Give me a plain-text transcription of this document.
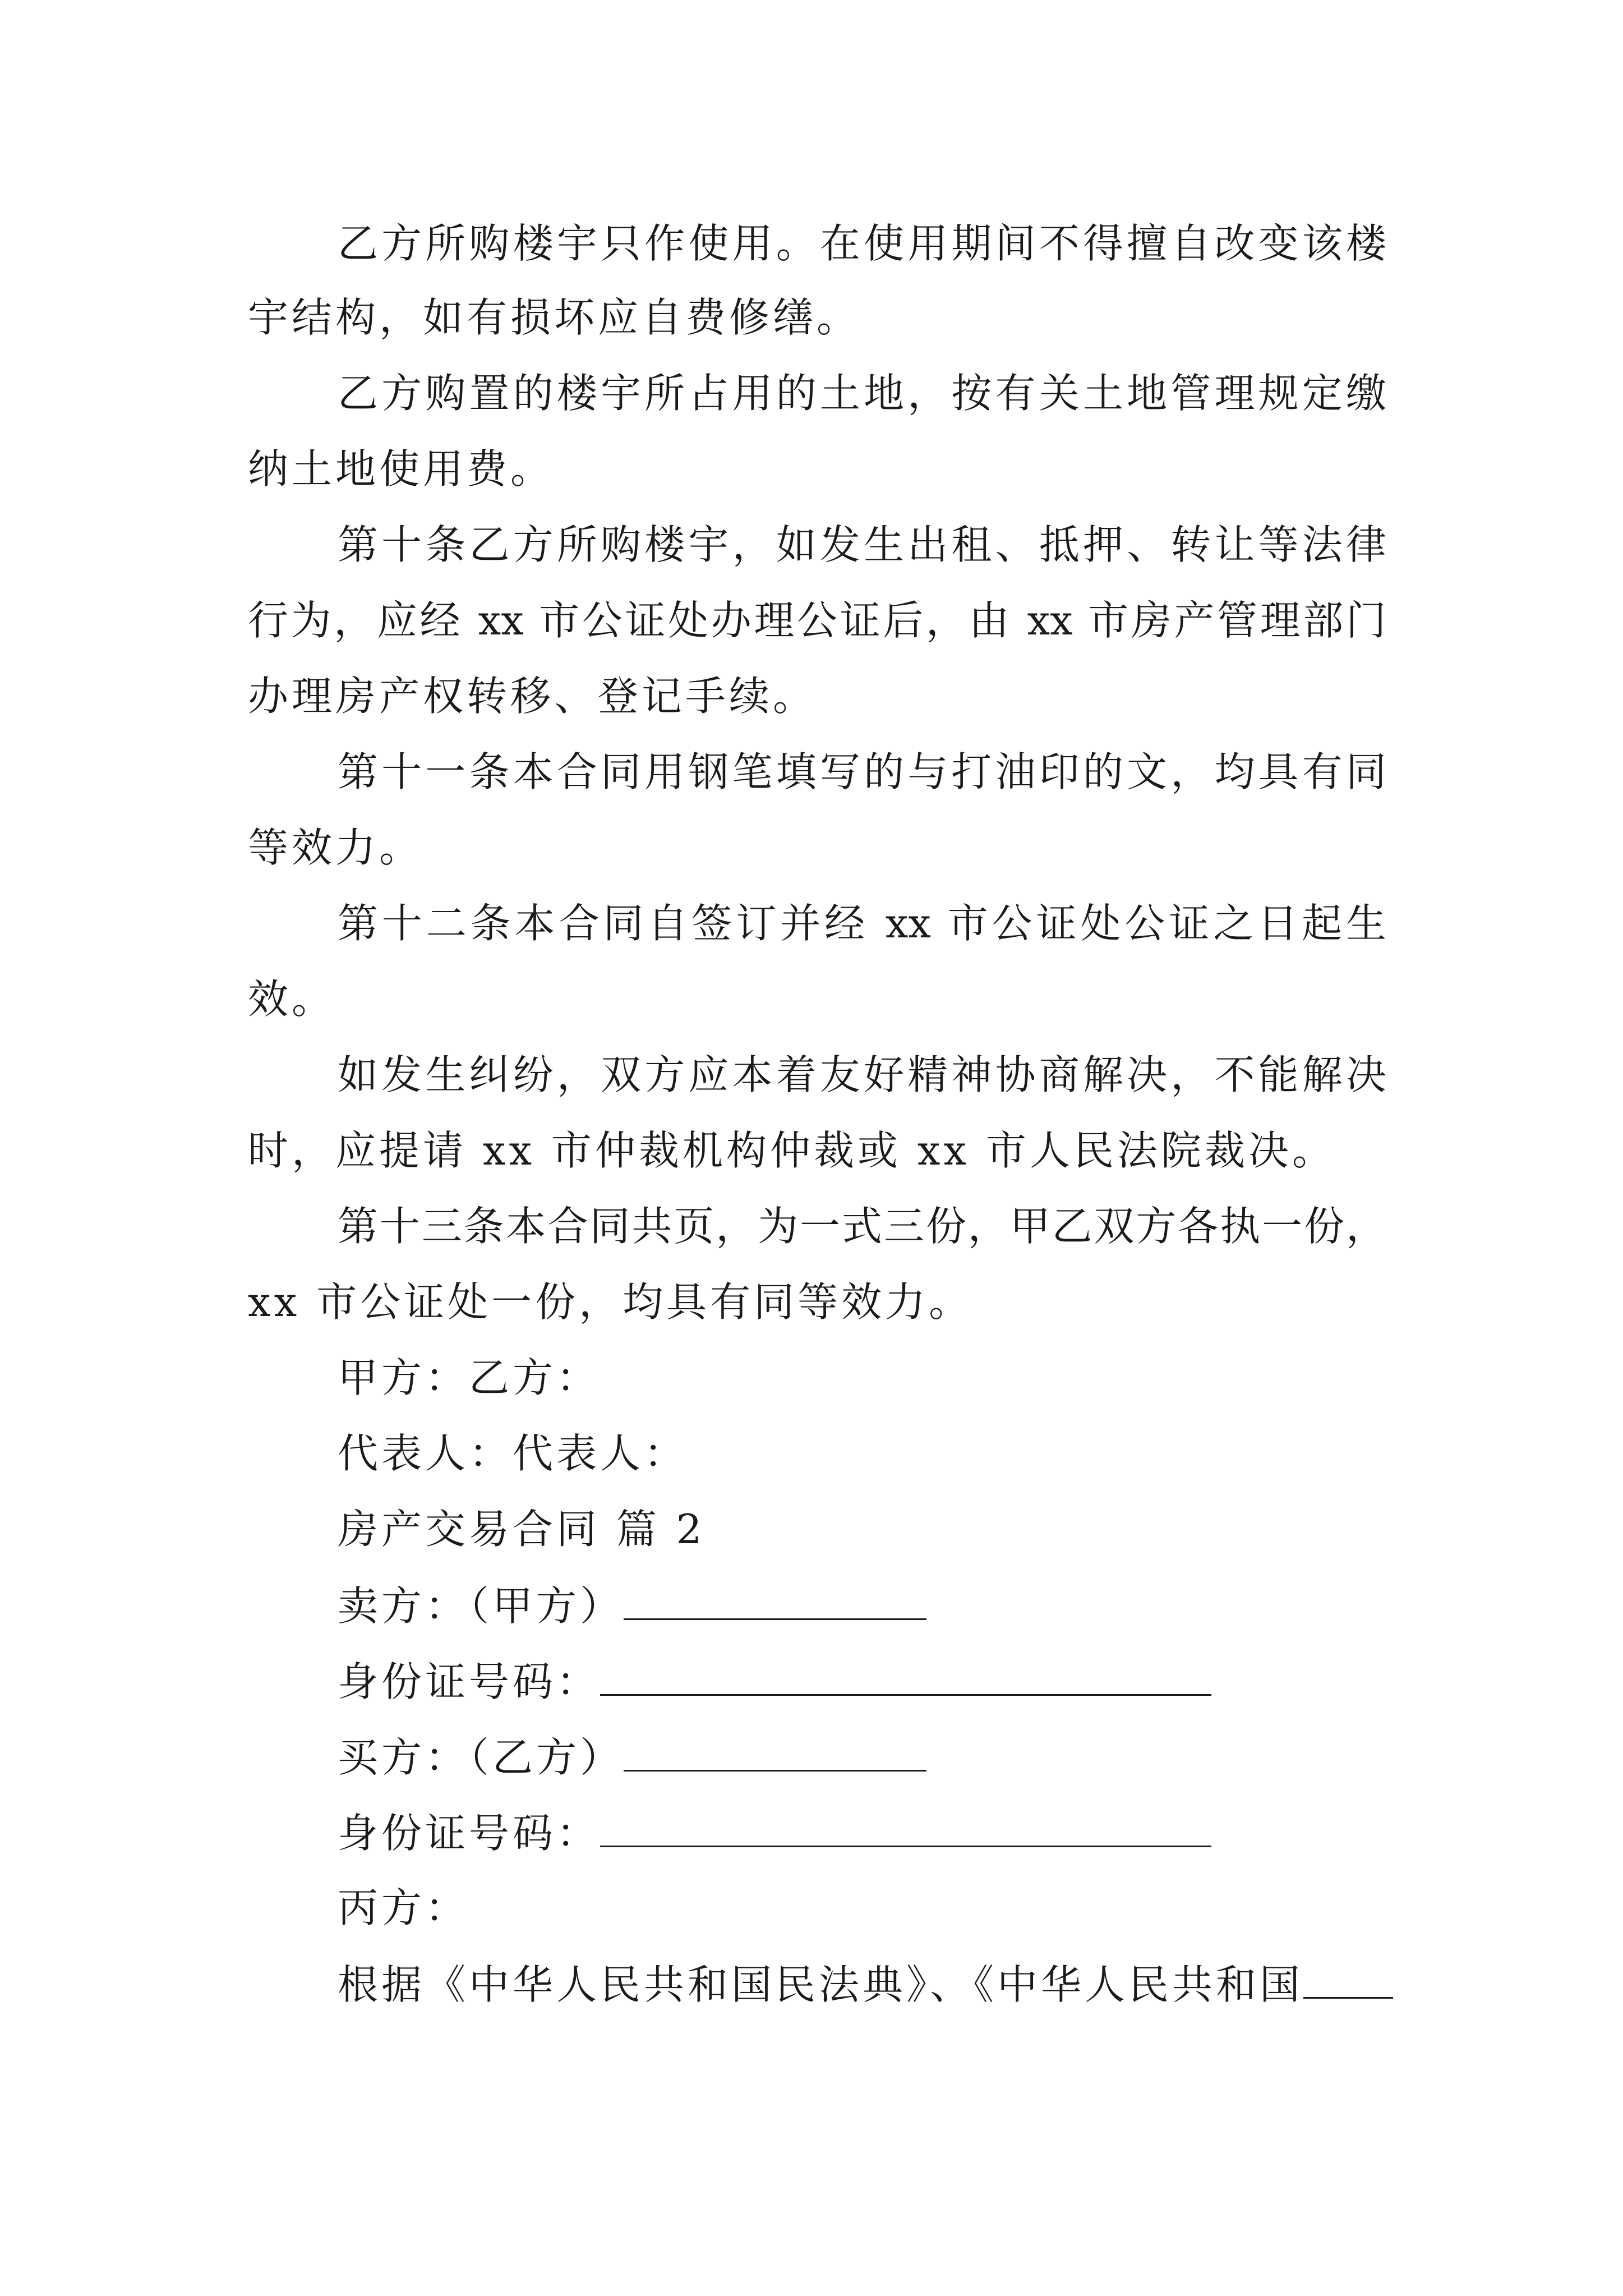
乙方所购楼宇只作使用。在使用期间不得擅自改变该楼
宇结构，如有损坏应自费修缮。
乙方购置的楼宇所占用的土地，按有关土地管理规定缴
纳土地使用费。
第十条乙方所购楼宇，如发生出租、抵押、转让等法律
行为，应经 xx 市公证处办理公证后，由 xx 市房产管理部门
办理房产权转移、登记手续。
第十一条本合同用钢笔填写的与打油印的文，均具有同
等效力。
第十二条本合同自签订并经 xx 市公证处公证之日起生
效。
如发生纠纷，双方应本着友好精神协商解决，不能解决
时，应提请 xx 市仲裁机构仲裁或 xx 市人民法院裁决。
第十三条本合同共页，为一式三份，甲乙双方各执一份，
xx 市公证处一份，均具有同等效力。
甲方：乙方：
代表人：代表人：
房产交易合同 篇 2
卖方：（甲方）
身份证号码：
买方：（乙方）
身份证号码：
丙方：
根据《中华人民共和国民法典》、《中华人民共和国
